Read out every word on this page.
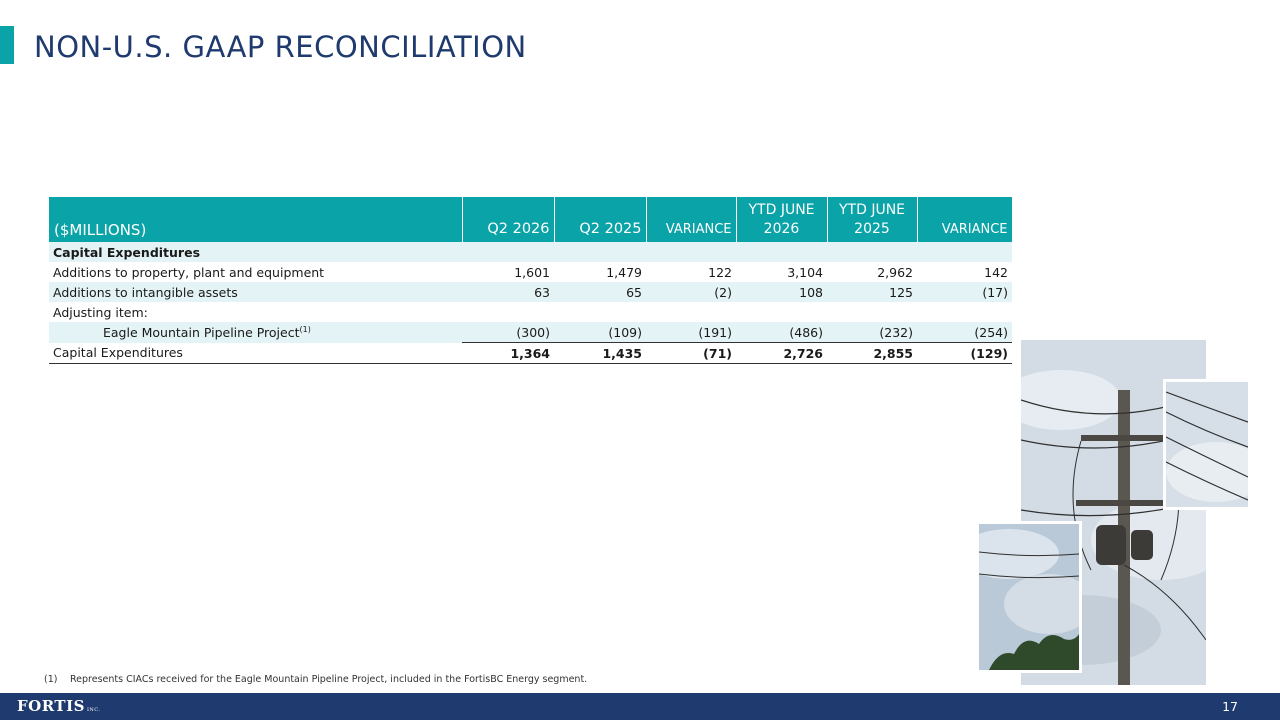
NON-U.S. GAAP RECONCILIATION
($MILLIONS)	Q2 2026	Q2 2025	VARIANCE	YTD JUNE 2026	YTD JUNE 2025	VARIANCE
Capital Expenditures						
Additions to property, plant and equipment	1,601	1,479	122	3,104	2,962	142
Additions to intangible assets	63	65	(2)	108	125	(17)
Adjusting item:						
Eagle Mountain Pipeline Project$^{(1)}$	(300)	(109)	(191)	(486)	(232)	(254)
Capital Expenditures	1,364	1,435	(71)	2,726	2,855	(129)
(1) Represents CIACs received for the Eagle Mountain Pipeline Project, included in the FortisBC Energy segment.
FORTIS INC.	17
